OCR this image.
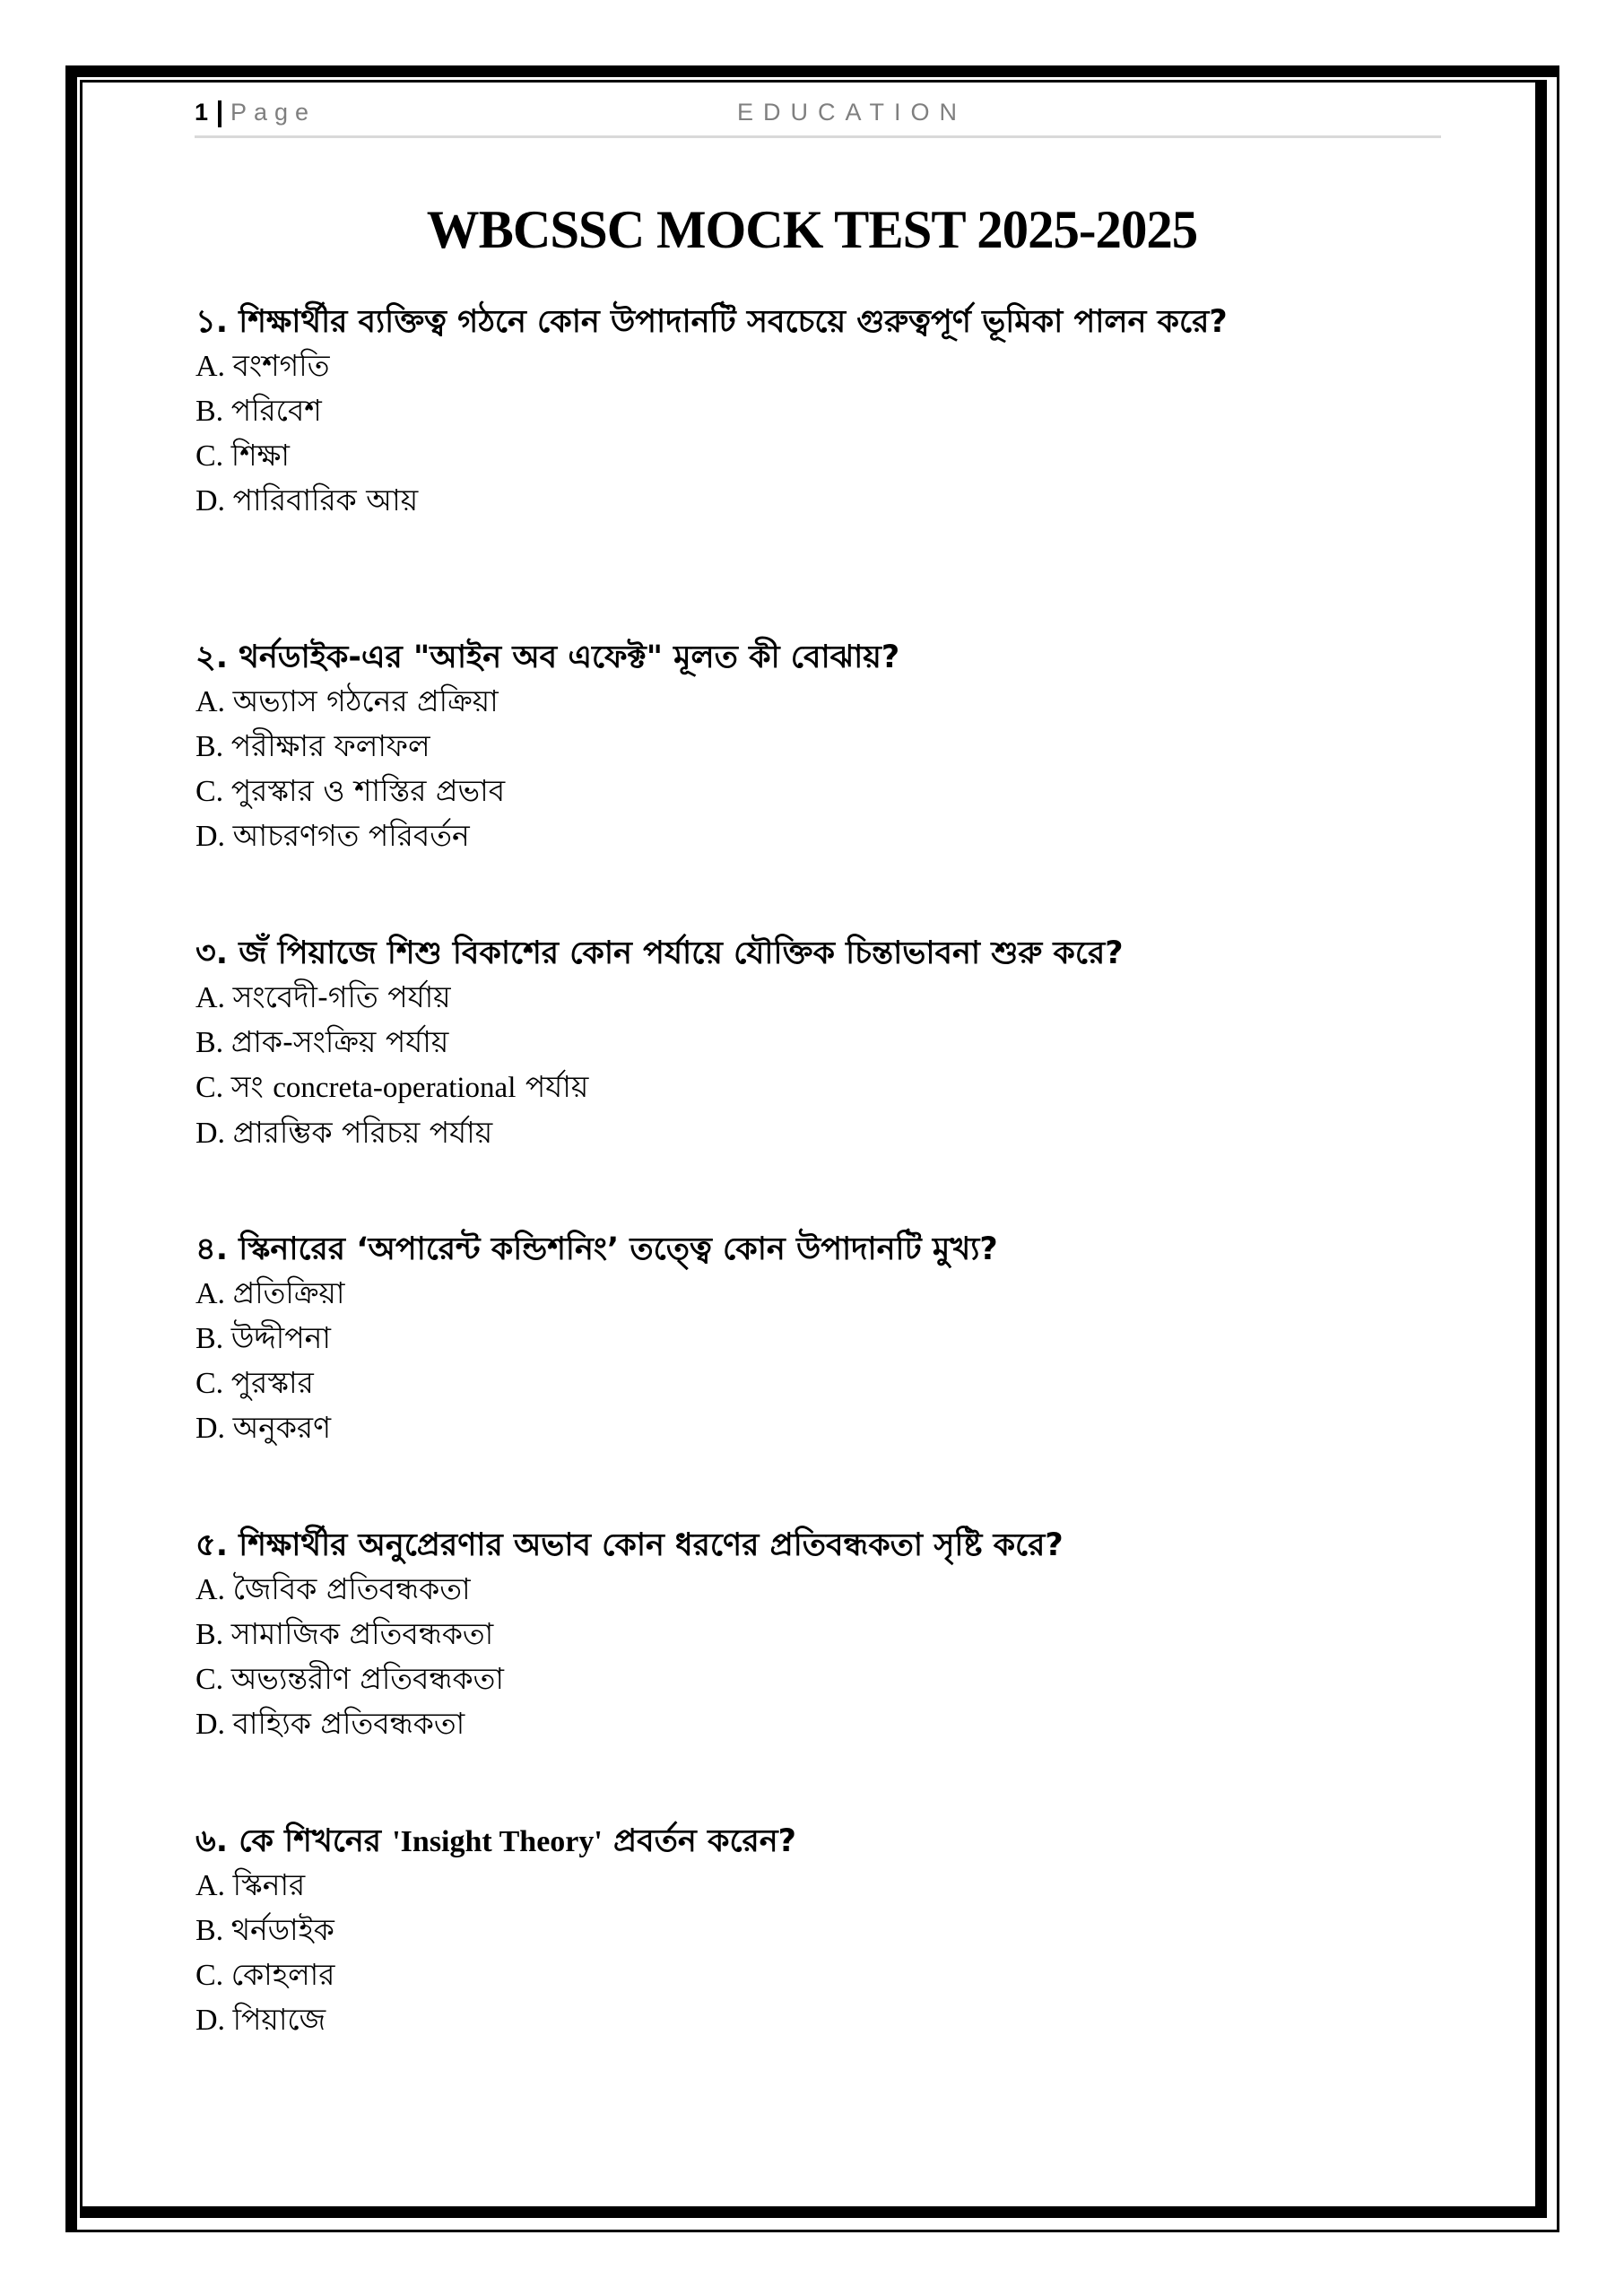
1 Page	EDUCATION
WBCSSC MOCK TEST 2025-2025

১. শিক্ষার্থীর ব্যক্তিত্ব গঠনে কোন উপাদানটি সবচেয়ে গুরুত্বপূর্ণ ভূমিকা পালন করে?

A. বংশগতি
B. পরিবেশ
C. শিক্ষা
D. পারিবারিক আয়

২. থর্নডাইক-এর "আইন অব এফেক্ট" মূলত কী বোঝায়?

A. অভ্যাস গঠনের প্রক্রিয়া
B. পরীক্ষার ফলাফল
C. পুরস্কার ও শাস্তির প্রভাব
D. আচরণগত পরিবর্তন

৩. জঁ পিয়াজে শিশু বিকাশের কোন পর্যায়ে যৌক্তিক চিন্তাভাবনা শুরু করে?

A. সংবেদী-গতি পর্যায়
B. প্রাক-সংক্রিয় পর্যায়
C. সং concreta-operational পর্যায়
D. প্রারম্ভিক পরিচয় পর্যায়

৪. স্কিনারের ‘অপারেন্ট কন্ডিশনিং’ তত্ত্বে কোন উপাদানটি মুখ্য?

A. প্রতিক্রিয়া
B. উদ্দীপনা
C. পুরস্কার
D. অনুকরণ

৫. শিক্ষার্থীর অনুপ্রেরণার অভাব কোন ধরণের প্রতিবন্ধকতা সৃষ্টি করে?

A. জৈবিক প্রতিবন্ধকতা
B. সামাজিক প্রতিবন্ধকতা
C. অভ্যন্তরীণ প্রতিবন্ধকতা
D. বাহ্যিক প্রতিবন্ধকতা

৬. কে শিখনের 'Insight Theory' প্রবর্তন করেন?

A. স্কিনার
B. থর্নডাইক
C. কোহলার
D. পিয়াজে
